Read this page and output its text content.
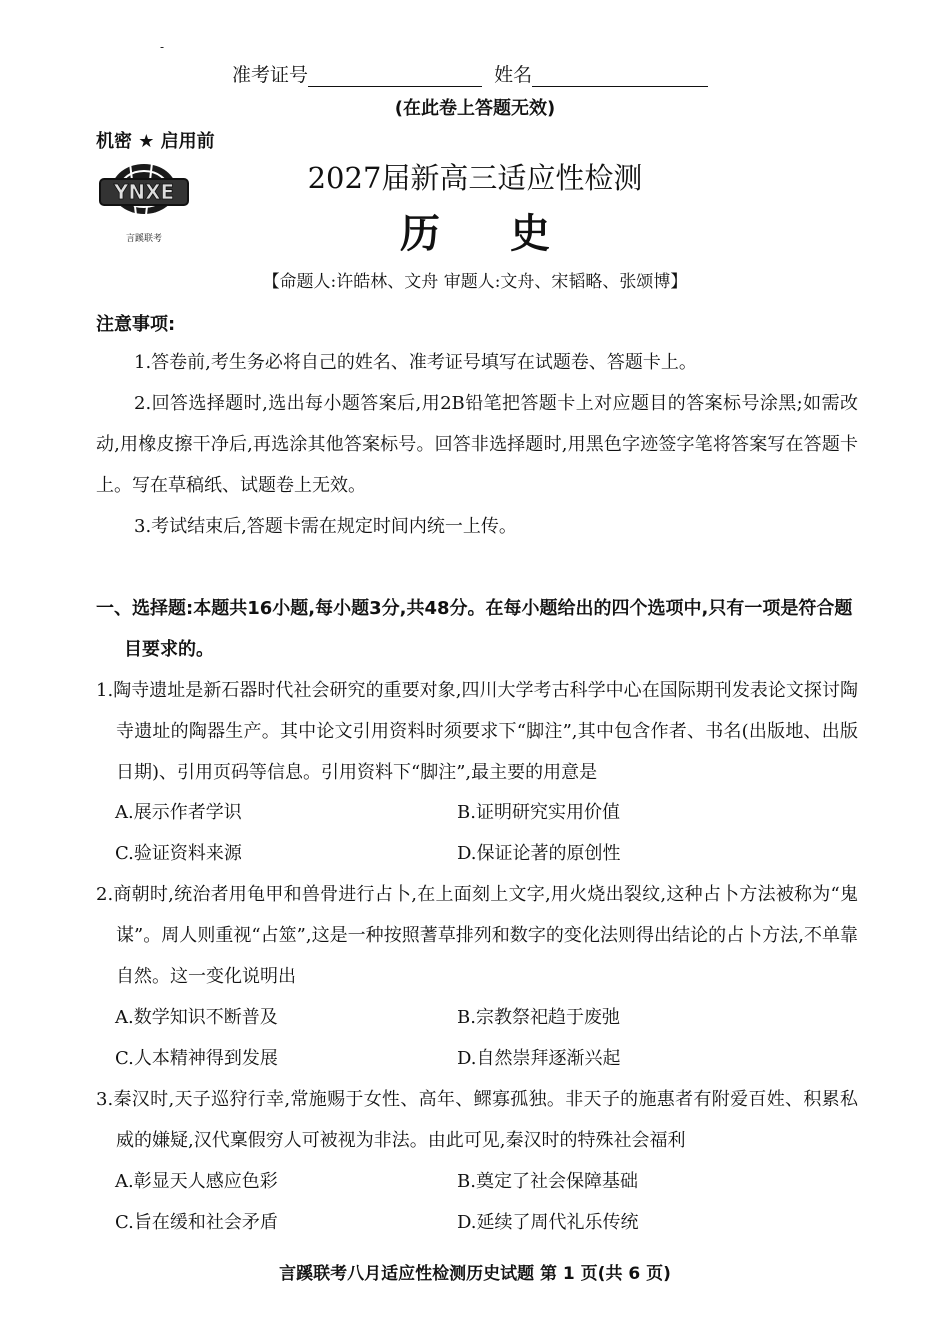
-
准考证号	姓名
(在此卷上答题无效)
机密 ★ 启用前
YNXE
言蹊联考
2027届新高三适应性检测
历史
【命题人:许皓林、文舟 审题人:文舟、宋韬略、张颂博】
注意事项:
1.答卷前,考生务必将自己的姓名、准考证号填写在试题卷、答题卡上。
2.回答选择题时,选出每小题答案后,用2B铅笔把答题卡上对应题目的答案标号涂黑;如需改动,用橡皮擦干净后,再选涂其他答案标号。回答非选择题时,用黑色字迹签字笔将答案写在答题卡上。写在草稿纸、试题卷上无效。
3.考试结束后,答题卡需在规定时间内统一上传。
一、选择题:本题共16小题,每小题3分,共48分。在每小题给出的四个选项中,只有一项是符合题目要求的。
1.陶寺遗址是新石器时代社会研究的重要对象,四川大学考古科学中心在国际期刊发表论文探讨陶寺遗址的陶器生产。其中论文引用资料时须要求下“脚注”,其中包含作者、书名(出版地、出版日期)、引用页码等信息。引用资料下“脚注”,最主要的用意是
A.展示作者学识	B.证明研究实用价值
C.验证资料来源	D.保证论著的原创性
2.商朝时,统治者用龟甲和兽骨进行占卜,在上面刻上文字,用火烧出裂纹,这种占卜方法被称为“鬼谋”。周人则重视“占筮”,这是一种按照蓍草排列和数字的变化法则得出结论的占卜方法,不单靠自然。这一变化说明出
A.数学知识不断普及	B.宗教祭祀趋于废弛
C.人本精神得到发展	D.自然崇拜逐渐兴起
3.秦汉时,天子巡狩行幸,常施赐于女性、高年、鳏寡孤独。非天子的施惠者有附爱百姓、积累私威的嫌疑,汉代稟假穷人可被视为非法。由此可见,秦汉时的特殊社会福利
A.彰显天人感应色彩	B.奠定了社会保障基础
C.旨在缓和社会矛盾	D.延续了周代礼乐传统
言蹊联考八月适应性检测历史试题 第 1 页(共 6 页)
